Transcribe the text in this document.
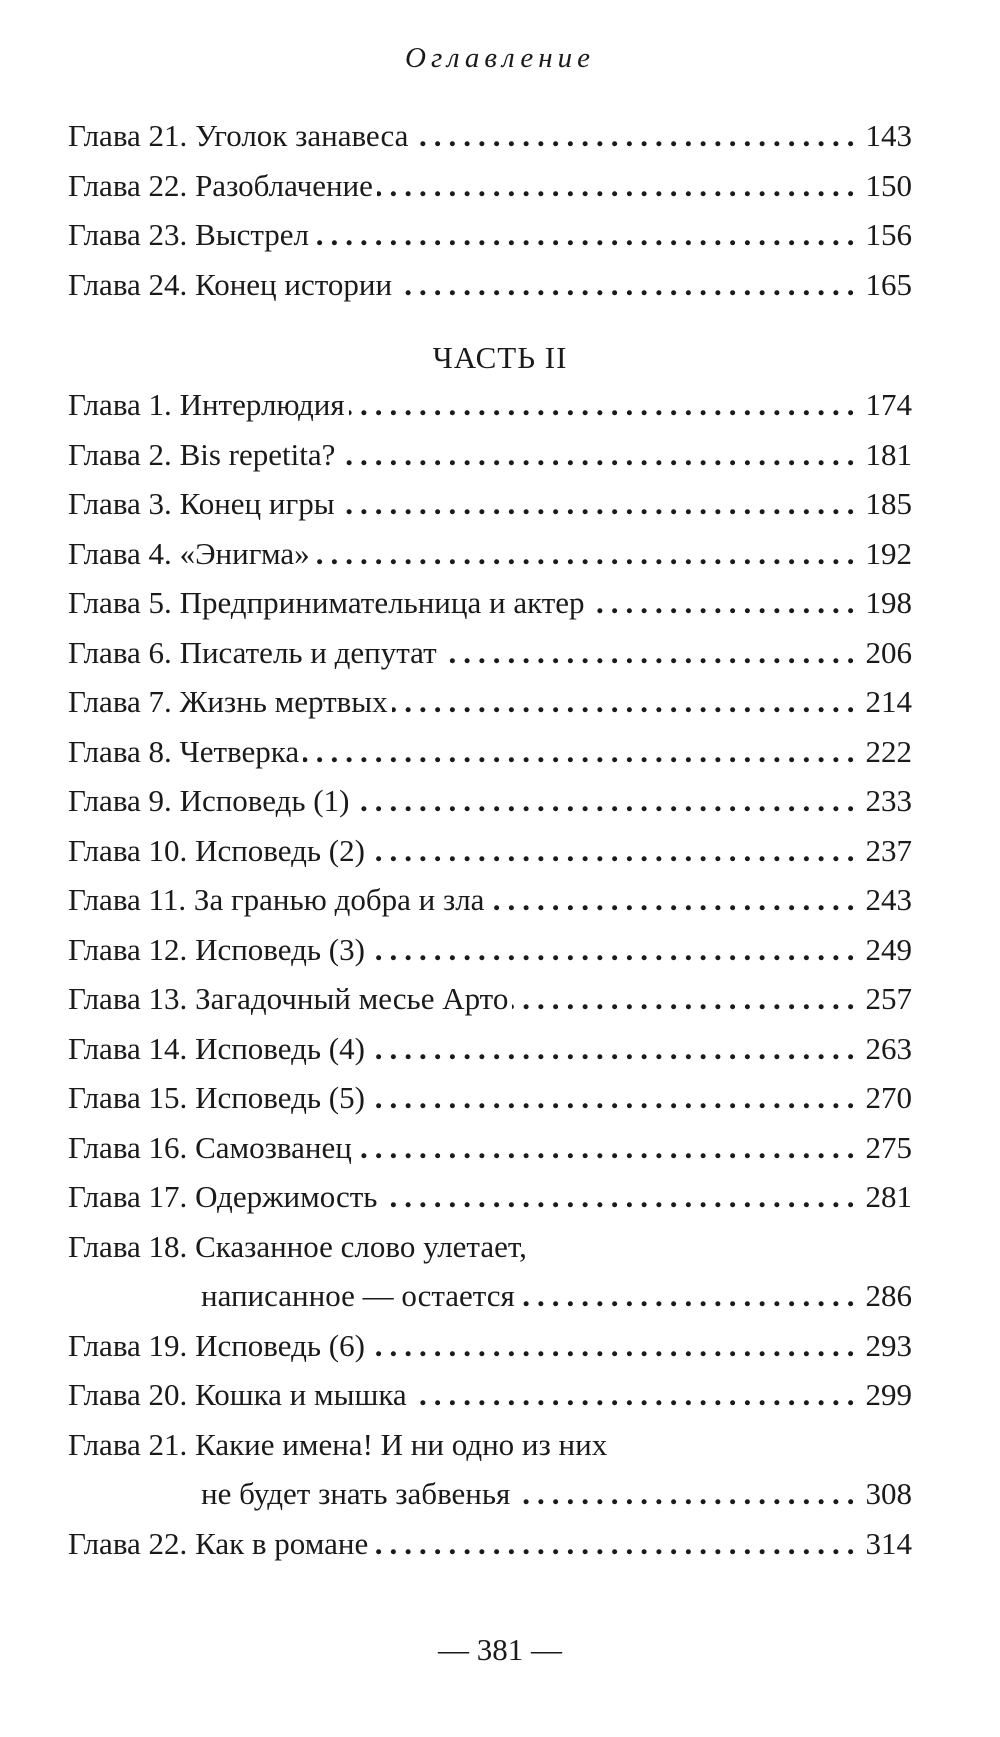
Оглавление
Глава 21. Уголок занавеса .....	143
Глава 22. Разоблачение .....	150
Глава 23. Выстрел .....	156
Глава 24. Конец истории .....	165
ЧАСТЬ II
Глава 1. Интерлюдия .....	174
Глава 2. Bis repetita? .....	181
Глава 3. Конец игры .....	185
Глава 4. «Энигма» .....	192
Глава 5. Предпринимательница и актер .....	198
Глава 6. Писатель и депутат .....	206
Глава 7. Жизнь мертвых .....	214
Глава 8. Четверка .....	222
Глава 9. Исповедь (1) .....	233
Глава 10. Исповедь (2) .....	237
Глава 11. За гранью добра и зла .....	243
Глава 12. Исповедь (3) .....	249
Глава 13. Загадочный месье Арто .....	257
Глава 14. Исповедь (4) .....	263
Глава 15. Исповедь (5) .....	270
Глава 16. Самозванец .....	275
Глава 17. Одержимость .....	281
Глава 18. Сказанное слово улетает,
написанное — остается .....	286
Глава 19. Исповедь (6) .....	293
Глава 20. Кошка и мышка .....	299
Глава 21. Какие имена! И ни одно из них
не будет знать забвенья .....	308
Глава 22. Как в романе .....	314
— 381 —
